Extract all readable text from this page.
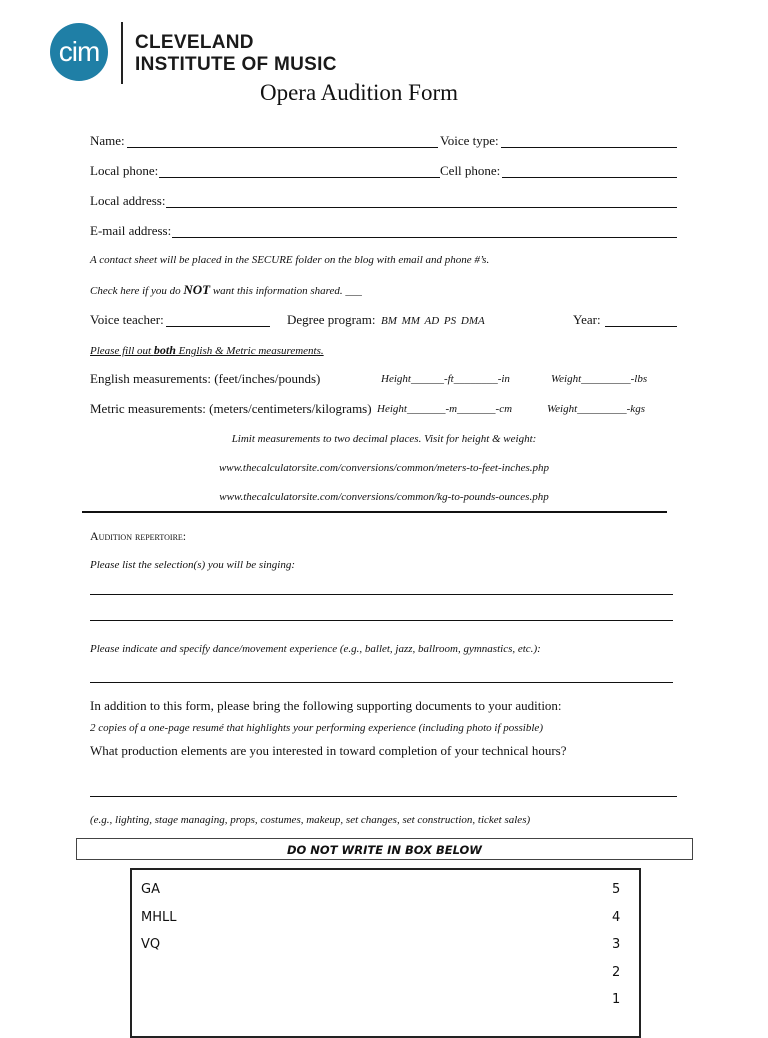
cim CLEVELAND
INSTITUTE OF MUSIC
Opera Audition Form
Name:	Voice type:
Local phone:	Cell phone:
Local address:
E-mail address:
A contact sheet will be placed in the SECURE folder on the blog with email and phone #’s.
Check here if you do NOT want this information shared. ___
Voice teacher:	Degree program: BM MM AD PS DMA	Year:
Please fill out both English & Metric measurements.
English measurements: (feet/inches/pounds)	Height______-ft________-in	Weight_________-lbs
Metric measurements: (meters/centimeters/kilograms) Height_______-m_______-cm	Weight_________-kgs
Limit measurements to two decimal places. Visit for height & weight:
www.thecalculatorsite.com/conversions/common/meters-to-feet-inches.php
www.thecalculatorsite.com/conversions/common/kg-to-pounds-ounces.php
Audition repertoire:
Please list the selection(s) you will be singing:
Please indicate and specify dance/movement experience (e.g., ballet, jazz, ballroom, gymnastics, etc.):
In addition to this form, please bring the following supporting documents to your audition:
2 copies of a one-page resumé that highlights your performing experience (including photo if possible)
What production elements are you interested in toward completion of your technical hours?
(e.g., lighting, stage managing, props, costumes, makeup, set changes, set construction, ticket sales)
DO NOT WRITE IN BOX BELOW
GA
MHLL
VQ
5
4
3
2
1
